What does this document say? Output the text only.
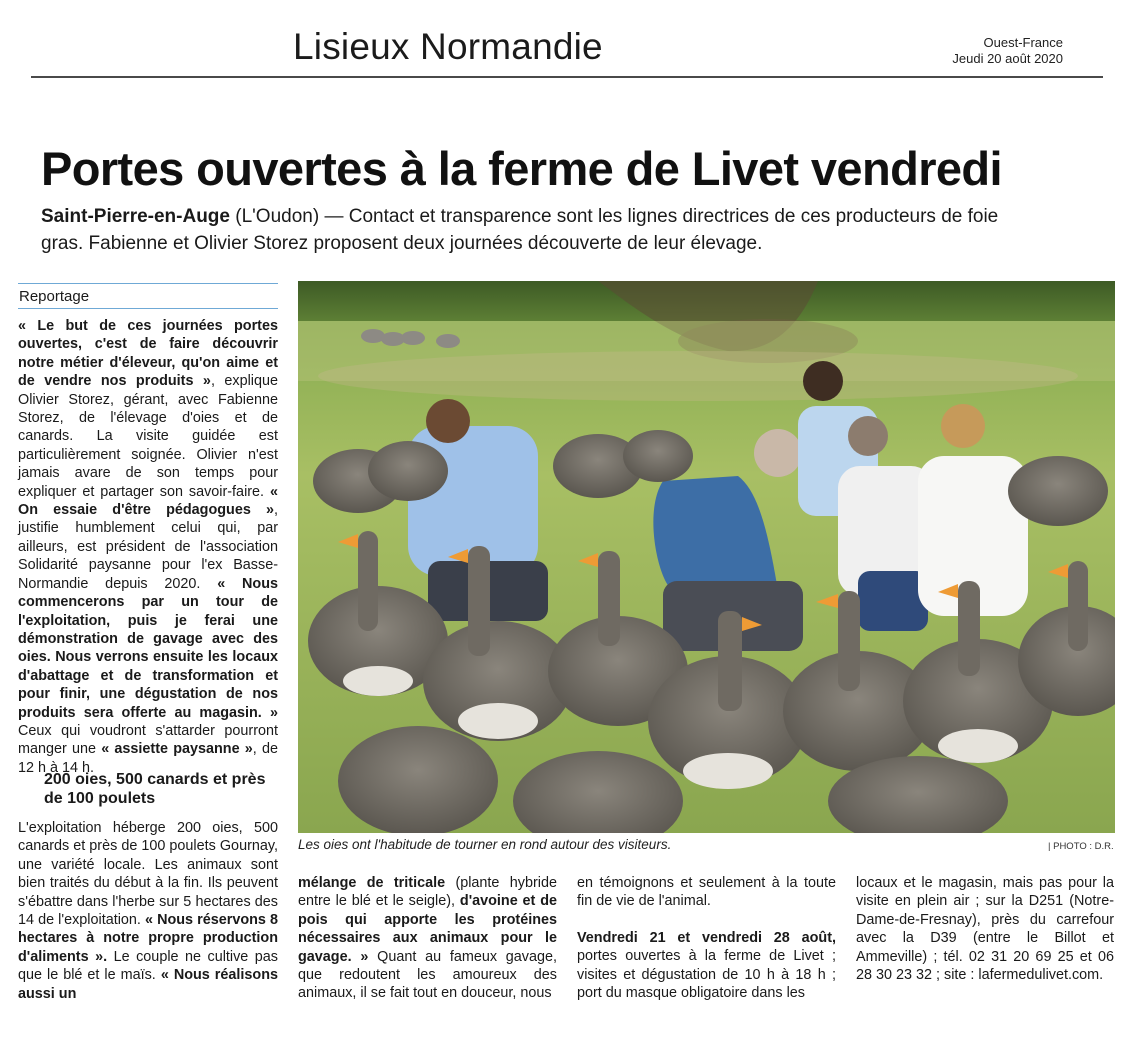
Lisieux Normandie	Ouest-France
Jeudi 20 août 2020
Portes ouvertes à la ferme de Livet vendredi
Saint-Pierre-en-Auge (L'Oudon) — Contact et transparence sont les lignes directrices de ces producteurs de foie gras. Fabienne et Olivier Storez proposent deux journées découverte de leur élevage.
Les oies ont l'habitude de tourner en rond autour des visiteurs.	| PHOTO : D.R.
Reportage

« Le but de ces journées portes ouvertes, c'est de faire découvrir notre métier d'éleveur, qu'on aime et de vendre nos produits », explique Olivier Storez, gérant, avec Fabienne Storez, de l'élevage d'oies et de canards. La visite guidée est particulièrement soignée. Olivier n'est jamais avare de son temps pour expliquer et partager son savoir-faire. « On essaie d'être pédagogues », justifie humblement celui qui, par ailleurs, est président de l'association Solidarité paysanne pour l'ex Basse-Normandie depuis 2020. « Nous commencerons par un tour de l'exploitation, puis je ferai une démonstration de gavage avec des oies. Nous verrons ensuite les locaux d'abattage et de transformation et pour finir, une dégustation de nos produits sera offerte au magasin. » Ceux qui voudront s'attarder pourront manger une « assiette paysanne », de 12 h à 14 h.

200 oies, 500 canards et près de 100 poulets

L'exploitation héberge 200 oies, 500 canards et près de 100 poulets Gournay, une variété locale. Les animaux sont bien traités du début à la fin. Ils peuvent s'ébattre dans l'herbe sur 5 hectares des 14 de l'exploitation. « Nous réservons 8 hectares à notre propre production d'aliments ». Le couple ne cultive pas que le blé et le maïs. « Nous réalisons aussi un

mélange de triticale (plante hybride entre le blé et le seigle), d'avoine et de pois qui apporte les protéines nécessaires aux animaux pour le gavage. » Quant au fameux gavage, que redoutent les amoureux des animaux, il se fait tout en douceur, nous

en témoignons et seulement à la toute fin de vie de l'animal.

Vendredi 21 et vendredi 28 août, portes ouvertes à la ferme de Livet ; visites et dégustation de 10 h à 18 h ; port du masque obligatoire dans les

locaux et le magasin, mais pas pour la visite en plein air ; sur la D251 (Notre-Dame-de-Fresnay), près du carrefour avec la D39 (entre le Billot et Ammeville) ; tél. 02 31 20 69 25 et 06 28 30 23 32 ; site : lafermedulivet.com.
